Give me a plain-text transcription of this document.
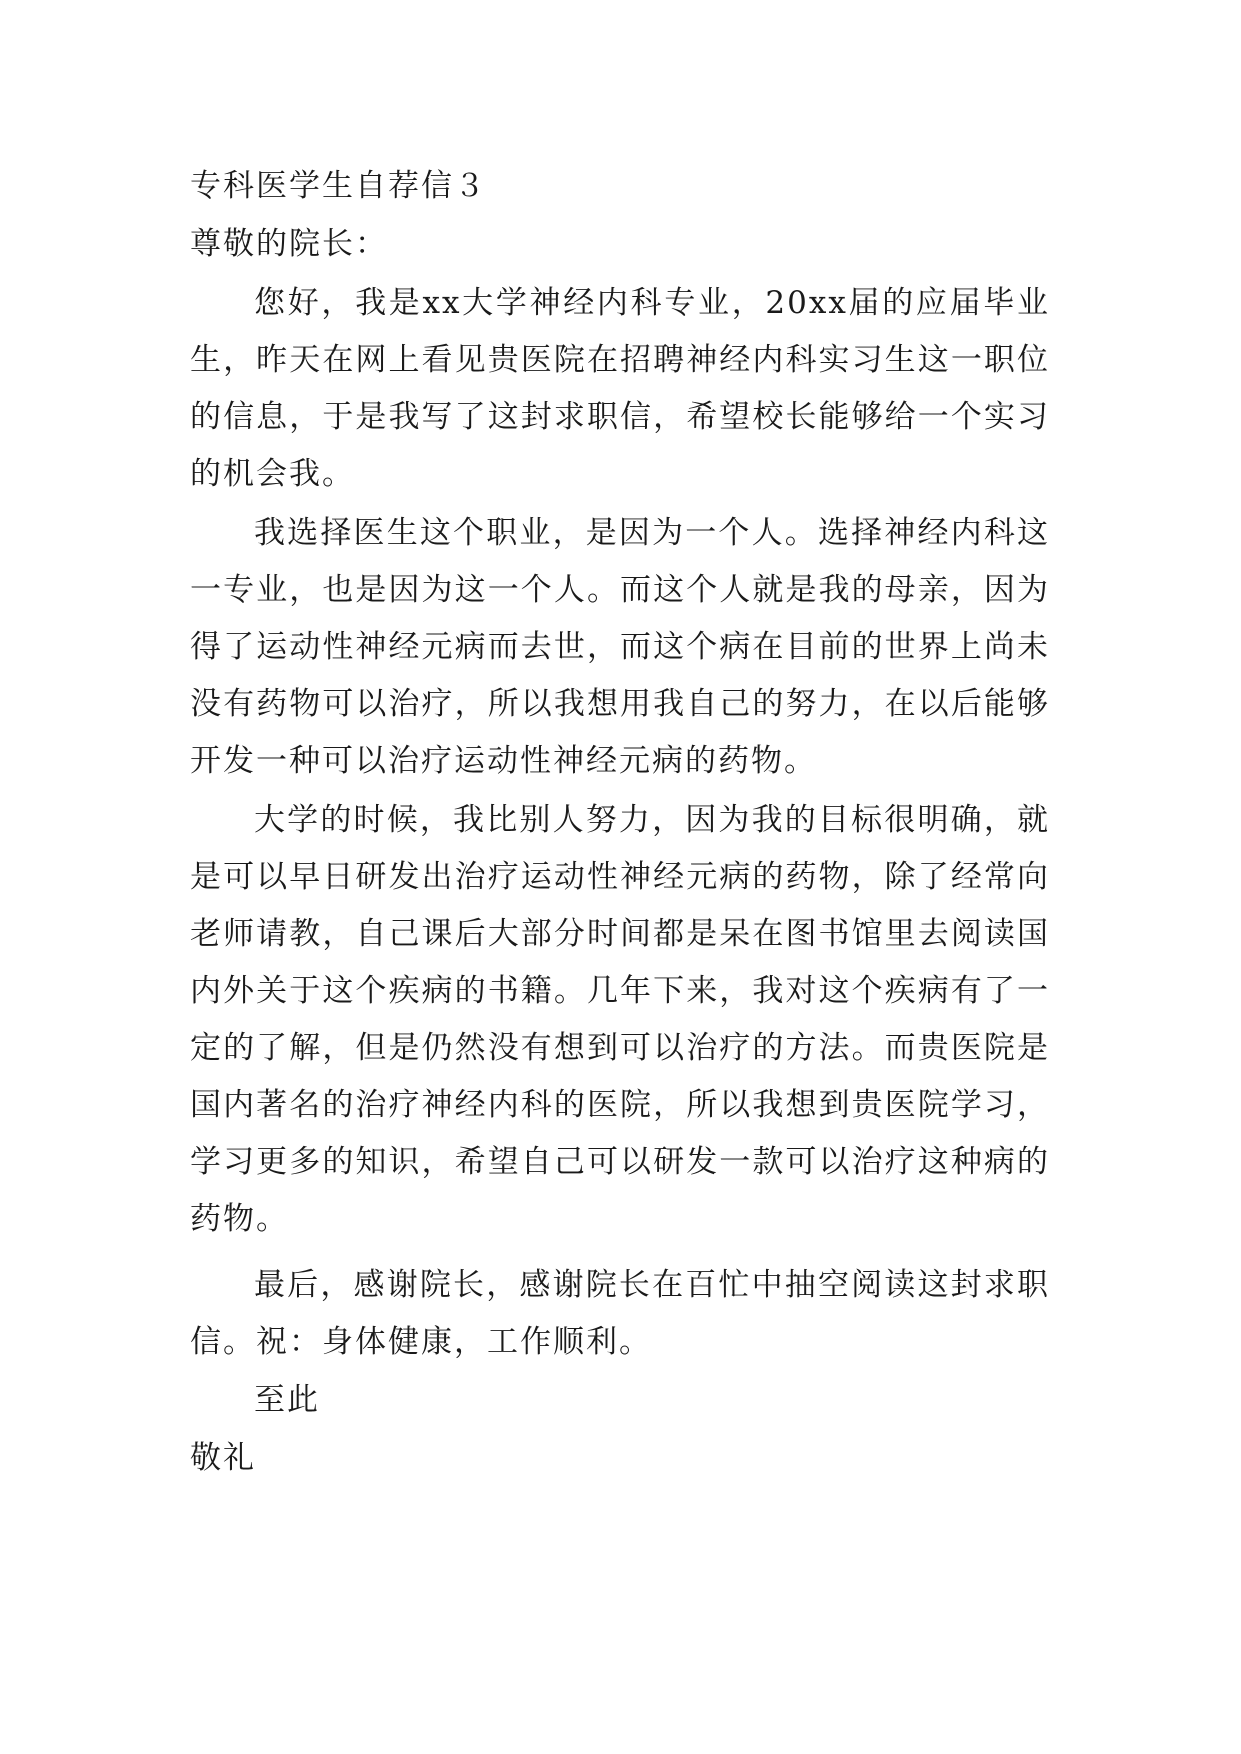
专科医学生自荐信３

尊敬的院长：

您好，我是xx大学神经内科专业，20xx届的应届毕业生，昨天在网上看见贵医院在招聘神经内科实习生这一职位的信息，于是我写了这封求职信，希望校长能够给一个实习的机会我。

我选择医生这个职业，是因为一个人。选择神经内科这一专业，也是因为这一个人。而这个人就是我的母亲，因为得了运动性神经元病而去世，而这个病在目前的世界上尚未没有药物可以治疗，所以我想用我自己的努力，在以后能够开发一种可以治疗运动性神经元病的药物。

大学的时候，我比别人努力，因为我的目标很明确，就是可以早日研发出治疗运动性神经元病的药物，除了经常向老师请教，自己课后大部分时间都是呆在图书馆里去阅读国内外关于这个疾病的书籍。几年下来，我对这个疾病有了一定的了解，但是仍然没有想到可以治疗的方法。而贵医院是国内著名的治疗神经内科的医院，所以我想到贵医院学习，学习更多的知识，希望自己可以研发一款可以治疗这种病的药物。

最后，感谢院长，感谢院长在百忙中抽空阅读这封求职信。祝：身体健康，工作顺利。

至此

敬礼
